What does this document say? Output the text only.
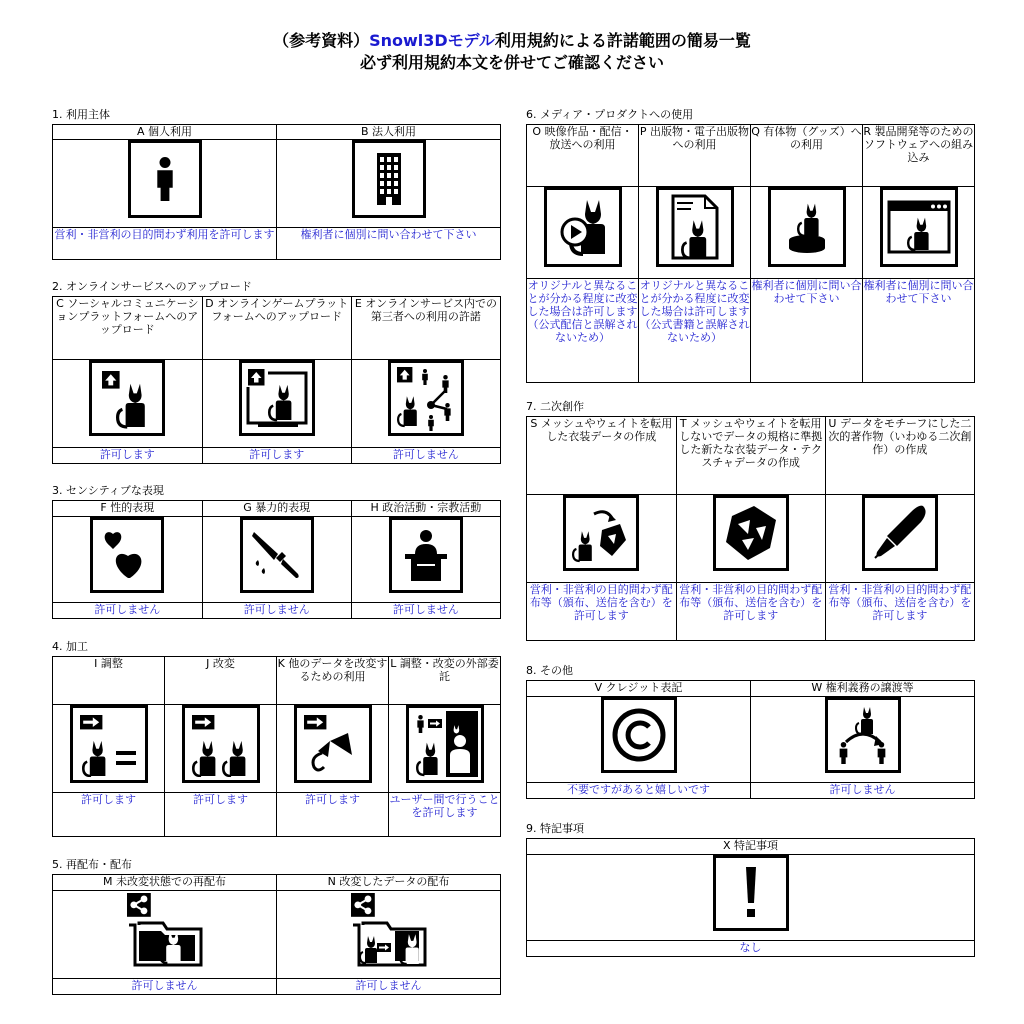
（参考資料）Snowl3Dモデル利用規約による許諾範囲の簡易一覧
必ず利用規約本文を併せてご確認ください
1. 利用主体
A 個人利用	B 法人利用

営利・非営利の目的問わず利用を許可します	権利者に個別に問い合わせて下さい
2. オンラインサービスへのアップロード
C ソーシャルコミュニケーションプラットフォームへのアップロード	D オンラインゲームプラットフォームへのアップロード	E オンラインサービス内での第三者への利用の許諾

許可します	許可します	許可しません
3. センシティブな表現
F 性的表現	G 暴力的表現	H 政治活動・宗教活動

許可しません	許可しません	許可しません
4. 加工
I 調整	J 改変	K 他のデータを改変するための利用	L 調整・改変の外部委託

許可します	許可します	許可します	ユーザー間で行うことを許可します
5. 再配布・配布
M 未改変状態での再配布	N 改変したデータの配布

許可しません	許可しません
6. メディア・プロダクトへの使用
O 映像作品・配信・放送への利用	P 出版物・電子出版物への利用	Q 有体物（グッズ）への利用	R 製品開発等のためのソフトウェアへの組み込み

オリジナルと異なることが分かる程度に改変した場合は許可します（公式配信と誤解されないため）	オリジナルと異なることが分かる程度に改変した場合は許可します（公式書籍と誤解されないため）	権利者に個別に問い合わせて下さい	権利者に個別に問い合わせて下さい
7. 二次創作
S メッシュやウェイトを転用した衣装データの作成	T メッシュやウェイトを転用しないでデータの規格に準拠した新たな衣装データ・テクスチャデータの作成	U データをモチーフにした二次的著作物（いわゆる二次創作）の作成

営利・非営利の目的問わず配布等（頒布、送信を含む）を許可します	営利・非営利の目的問わず配布等（頒布、送信を含む）を許可します	営利・非営利の目的問わず配布等（頒布、送信を含む）を許可します
8. その他
V クレジット表記	W 権利義務の譲渡等

不要ですがあると嬉しいです	許可しません
9. 特記事項
X 特記事項

なし
